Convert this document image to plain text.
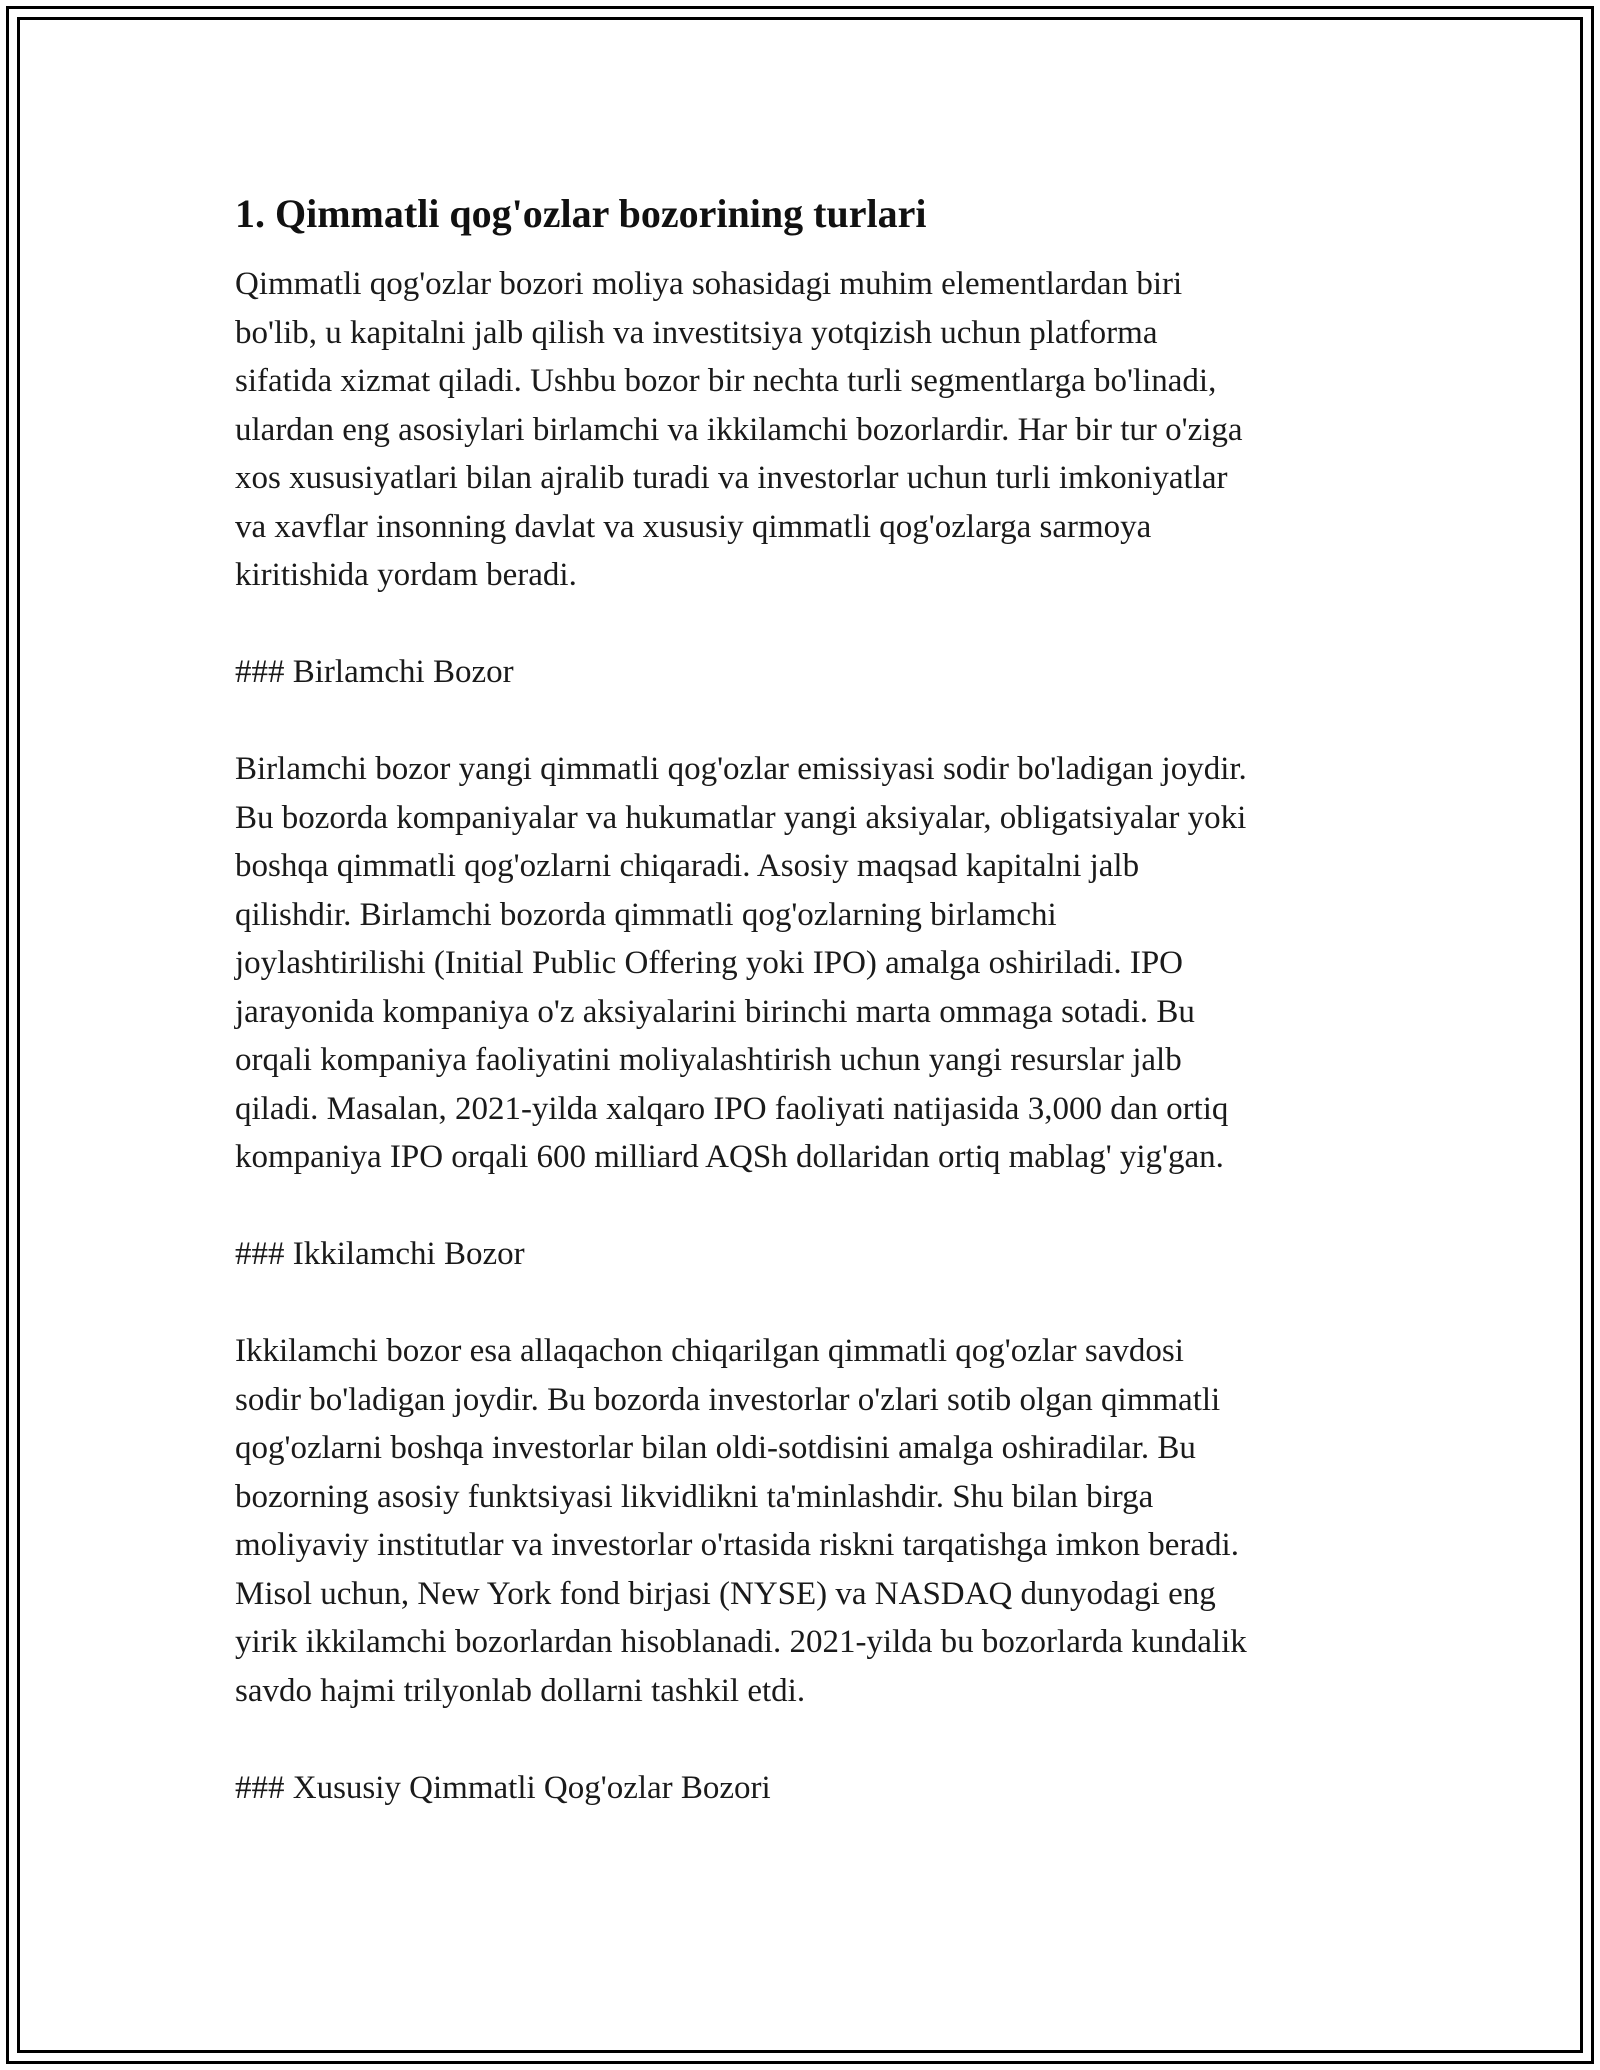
1. Qimmatli qog'ozlar bozorining turlari

Qimmatli qog'ozlar bozori moliya sohasidagi muhim elementlardan biri
bo'lib, u kapitalni jalb qilish va investitsiya yotqizish uchun platforma
sifatida xizmat qiladi. Ushbu bozor bir nechta turli segmentlarga bo'linadi,
ulardan eng asosiylari birlamchi va ikkilamchi bozorlardir. Har bir tur o'ziga
xos xususiyatlari bilan ajralib turadi va investorlar uchun turli imkoniyatlar
va xavflar insonning davlat va xususiy qimmatli qog'ozlarga sarmoya
kiritishida yordam beradi.

### Birlamchi Bozor

Birlamchi bozor yangi qimmatli qog'ozlar emissiyasi sodir bo'ladigan joydir.
Bu bozorda kompaniyalar va hukumatlar yangi aksiyalar, obligatsiyalar yoki
boshqa qimmatli qog'ozlarni chiqaradi. Asosiy maqsad kapitalni jalb
qilishdir. Birlamchi bozorda qimmatli qog'ozlarning birlamchi
joylashtirilishi (Initial Public Offering yoki IPO) amalga oshiriladi. IPO
jarayonida kompaniya o'z aksiyalarini birinchi marta ommaga sotadi. Bu
orqali kompaniya faoliyatini moliyalashtirish uchun yangi resurslar jalb
qiladi. Masalan, 2021-yilda xalqaro IPO faoliyati natijasida 3,000 dan ortiq
kompaniya IPO orqali 600 milliard AQSh dollaridan ortiq mablag' yig'gan.

### Ikkilamchi Bozor

Ikkilamchi bozor esa allaqachon chiqarilgan qimmatli qog'ozlar savdosi
sodir bo'ladigan joydir. Bu bozorda investorlar o'zlari sotib olgan qimmatli
qog'ozlarni boshqa investorlar bilan oldi-sotdisini amalga oshiradilar. Bu
bozorning asosiy funktsiyasi likvidlikni ta'minlashdir. Shu bilan birga
moliyaviy institutlar va investorlar o'rtasida riskni tarqatishga imkon beradi.
Misol uchun, New York fond birjasi (NYSE) va NASDAQ dunyodagi eng
yirik ikkilamchi bozorlardan hisoblanadi. 2021-yilda bu bozorlarda kundalik
savdo hajmi trilyonlab dollarni tashkil etdi.

### Xususiy Qimmatli Qog'ozlar Bozori
